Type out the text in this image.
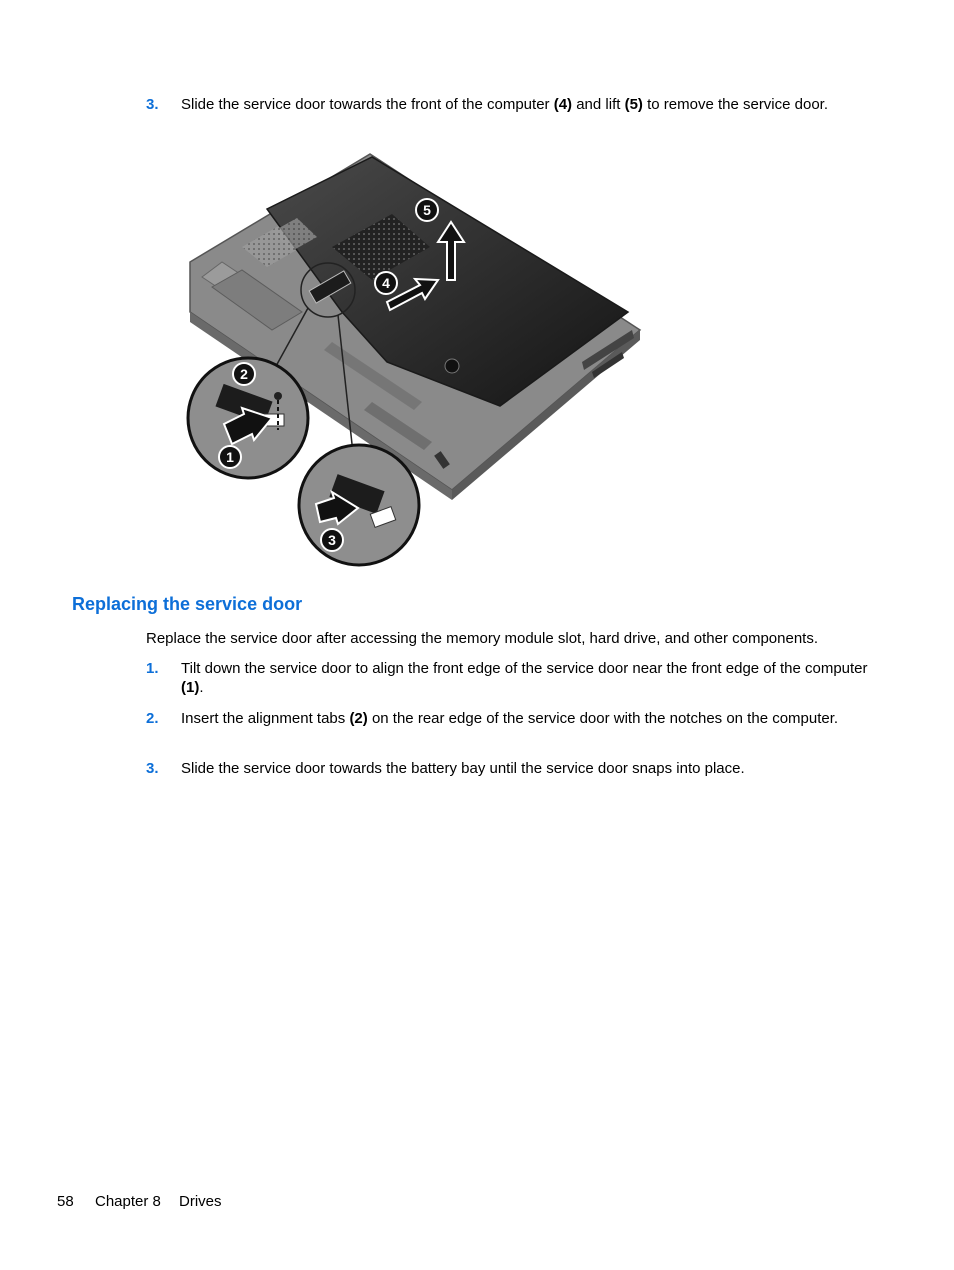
3. Slide the service door towards the front of the computer (4) and lift (5) to remove the service door.
4
5
1
2
3
Replacing the service door
Replace the service door after accessing the memory module slot, hard drive, and other components.
1. Tilt down the service door to align the front edge of the service door near the front edge of the computer (1).
2. Insert the alignment tabs (2) on the rear edge of the service door with the notches on the computer.
3. Slide the service door towards the battery bay until the service door snaps into place.
58 Chapter 8 Drives
